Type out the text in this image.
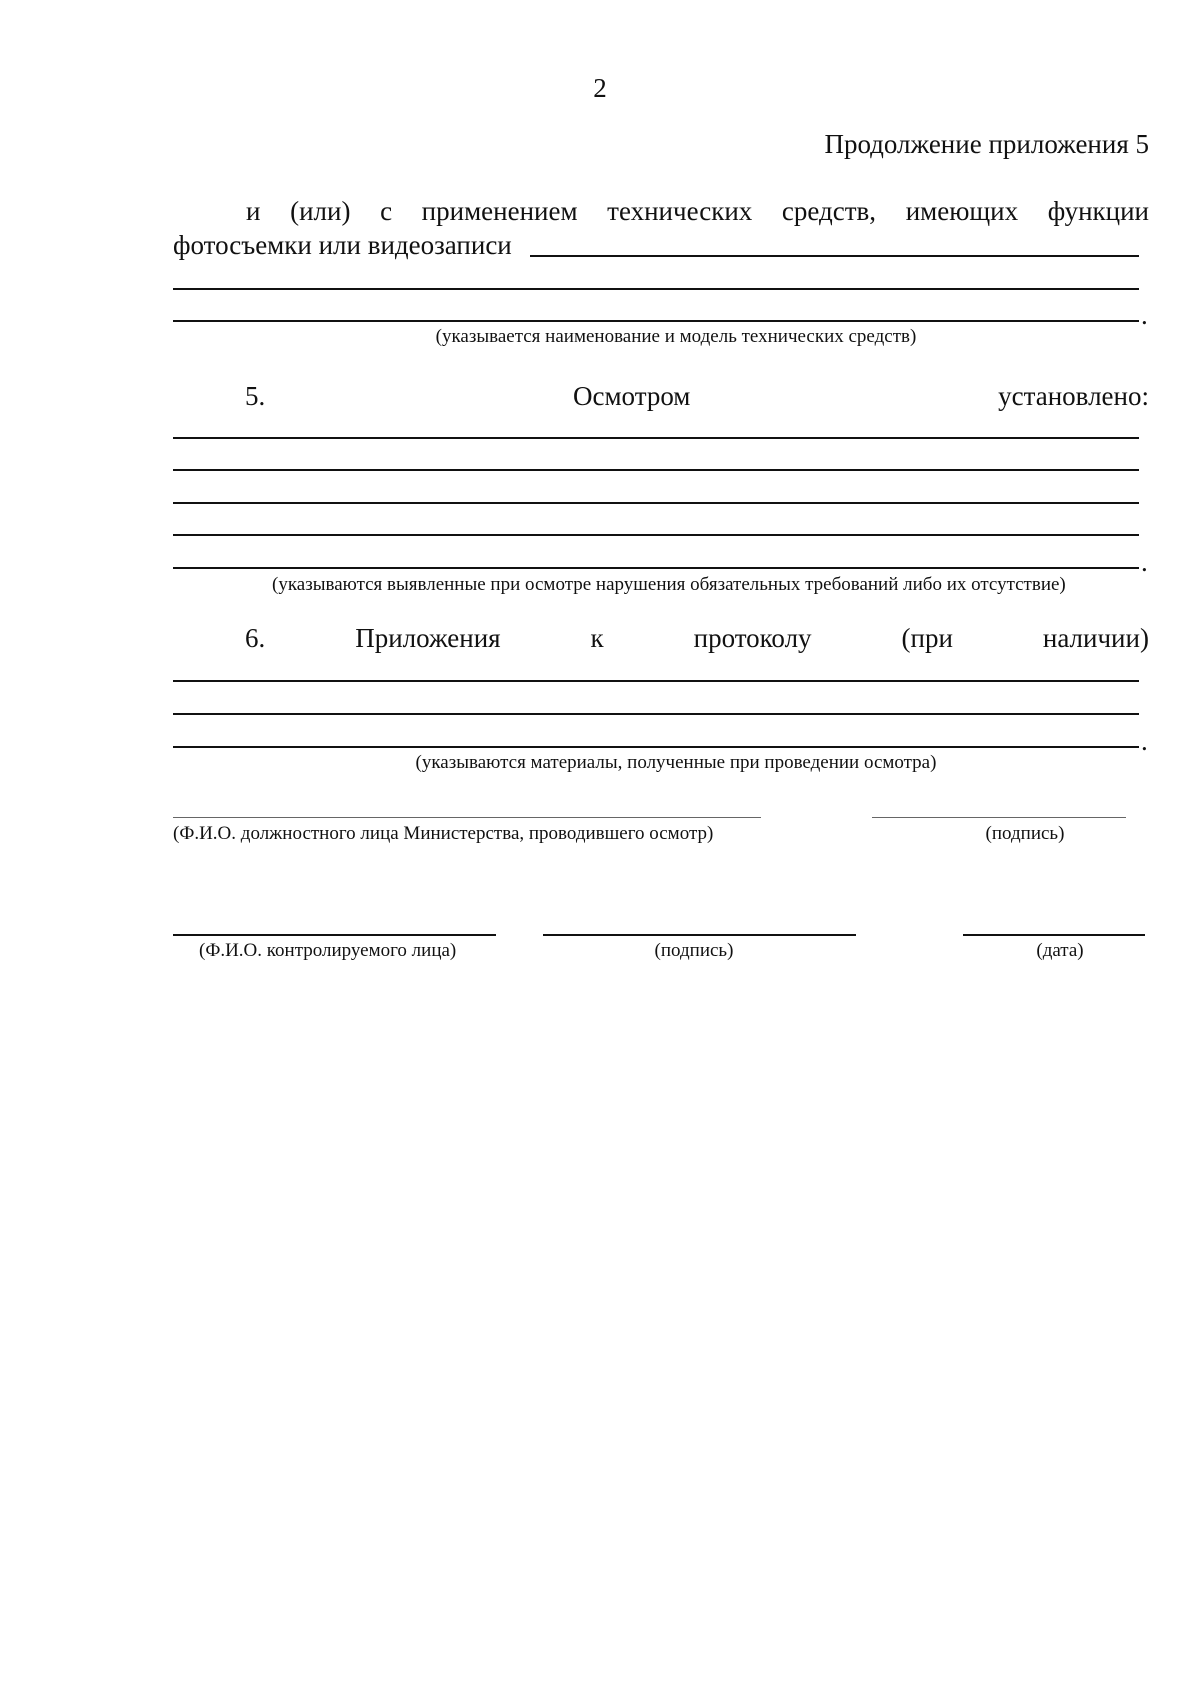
2
Продолжение приложения 5
и (или) с применением технических средств, имеющих функции
фотосъемки или видеозаписи
.
(указывается наименование и модель технических средств)
5.	Осмотром	установлено:
.
(указываются выявленные при осмотре нарушения обязательных требований либо их отсутствие)
6.	Приложения	к	протоколу	(при	наличии)
.
(указываются материалы, полученные при проведении осмотра)
(Ф.И.О. должностного лица Министерства, проводившего осмотр)	(подпись)
(Ф.И.О. контролируемого лица)	(подпись)	(дата)
